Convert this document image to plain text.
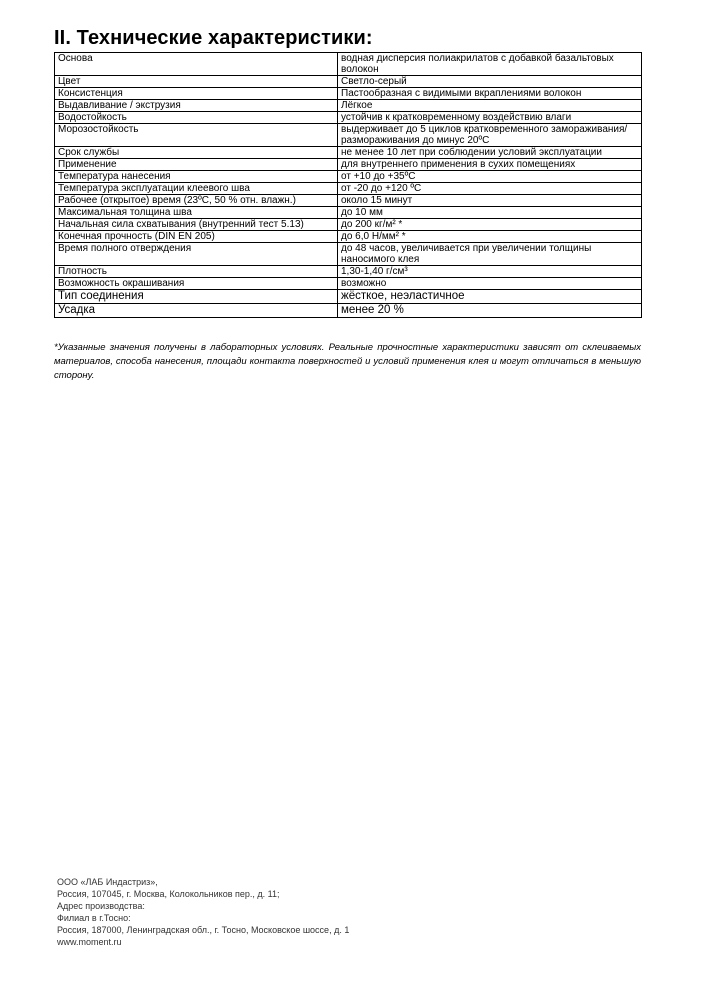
II. Технические характеристики:
Основа	водная дисперсия полиакрилатов с добавкой базальтовых волокон
Цвет	Светло-серый
Консистенция	Пастообразная с видимыми вкраплениями волокон
Выдавливание / экструзия	Лёгкое
Водостойкость	устойчив к кратковременному воздействию влаги
Морозостойкость	выдерживает до 5 циклов кратковременного замораживания/размораживания до минус 20ºС
Срок службы	не менее 10 лет при соблюдении условий эксплуатации
Применение	для внутреннего применения в сухих помещениях
Температура нанесения	от +10 до +35ºС
Температура эксплуатации клеевого шва	от -20 до +120 ºС
Рабочее (открытое) время (23ºС, 50 % отн. влажн.)	около 15 минут
Максимальная толщина шва	до 10 мм
Начальная сила схватывания (внутренний тест 5.13)	до 200 кг/м² *
Конечная прочность (DIN EN 205)	до 6,0 Н/мм² *
Время полного отверждения	до 48 часов, увеличивается при увеличении толщины наносимого клея
Плотность	1,30-1,40 г/см³
Возможность окрашивания	возможно
Тип соединения	жёсткое, неэластичное
Усадка	менее 20 %

*Указанные значения получены в лабораторных условиях. Реальные прочностные характеристики зависят от склеиваемых материалов, способа нанесения, площади контакта поверхностей и условий применения клея и могут отличаться в меньшую сторону.

ООО «ЛАБ Индастриз»,
Россия, 107045, г. Москва, Колокольников пер., д. 11;
Адрес производства:
Филиал в г.Тосно:
Россия, 187000, Ленинградская обл., г. Тосно, Московское шоссе, д. 1
www.moment.ru
